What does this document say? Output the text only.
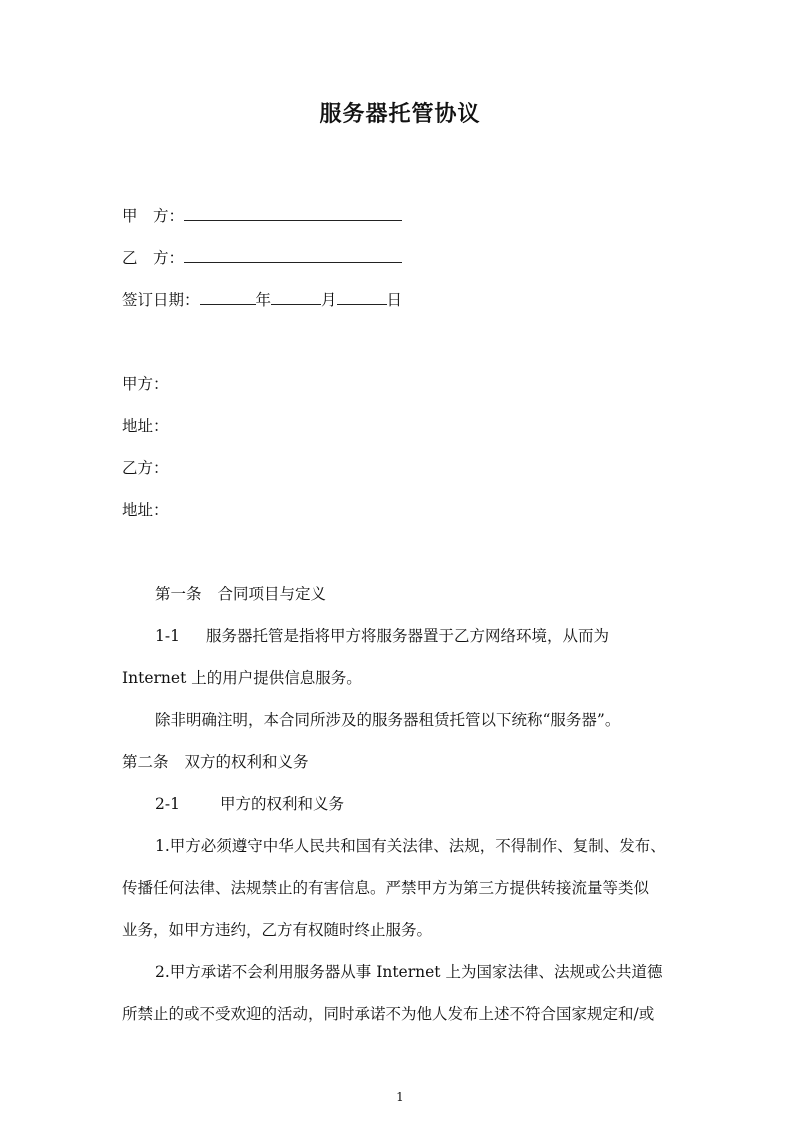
服务器托管协议
甲　方：
乙　方：
签订日期：	年	月	日
甲方：
地址：
乙方：
地址：
第一条 合同项目与定义
1-1 服务器托管是指将甲方将服务器置于乙方网络环境，从而为
Internet 上的用户提供信息服务。
除非明确注明，本合同所涉及的服务器租赁托管以下统称“服务器”。
第二条 双方的权利和义务
2-1	甲方的权利和义务
1.甲方必须遵守中华人民共和国有关法律、法规，不得制作、复制、发布、
传播任何法律、法规禁止的有害信息。严禁甲方为第三方提供转接流量等类似
业务，如甲方违约，乙方有权随时终止服务。
2.甲方承诺不会利用服务器从事 Internet 上为国家法律、法规或公共道德
所禁止的或不受欢迎的活动，同时承诺不为他人发布上述不符合国家规定和/或
1
